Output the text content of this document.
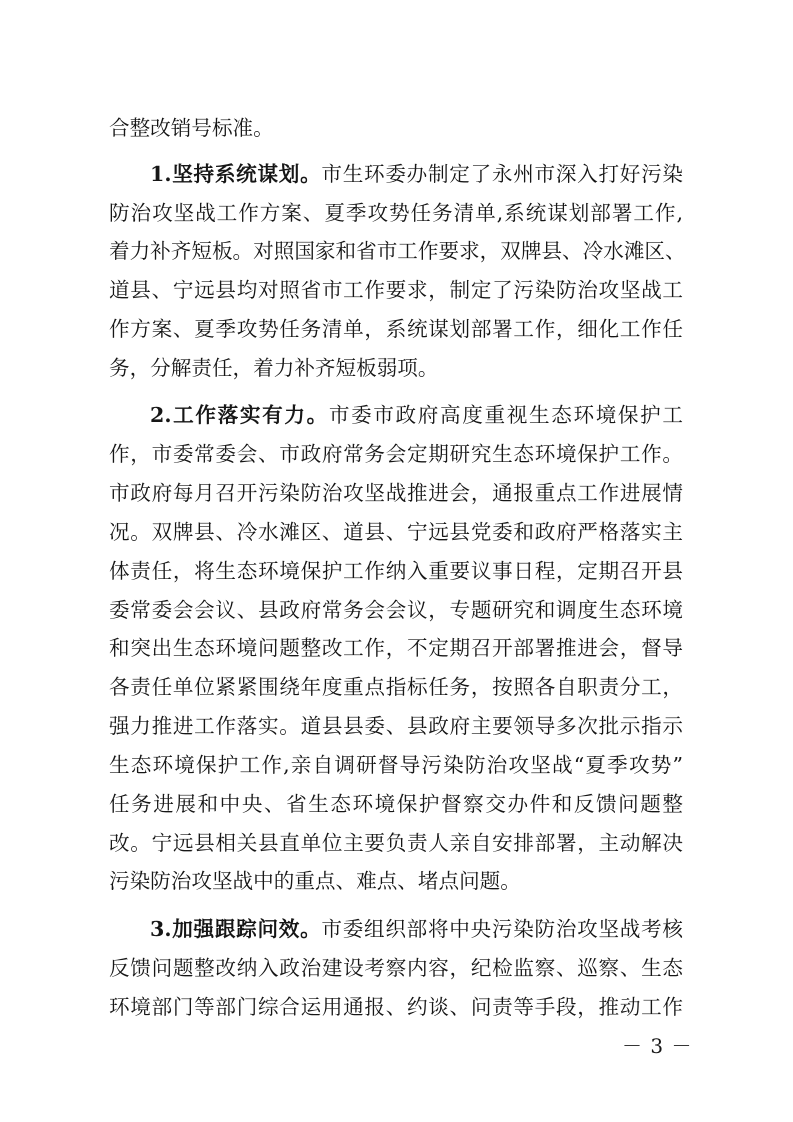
合整改销号标准。
1.坚持系统谋划。市生环委办制定了永州市深入打好污染
防治攻坚战工作方案、夏季攻势任务清单,系统谋划部署工作,
着力补齐短板。对照国家和省市工作要求，双牌县、冷水滩区、
道县、宁远县均对照省市工作要求，制定了污染防治攻坚战工
作方案、夏季攻势任务清单，系统谋划部署工作，细化工作任
务，分解责任，着力补齐短板弱项。
2.工作落实有力。市委市政府高度重视生态环境保护工
作，市委常委会、市政府常务会定期研究生态环境保护工作。
市政府每月召开污染防治攻坚战推进会，通报重点工作进展情
况。双牌县、冷水滩区、道县、宁远县党委和政府严格落实主
体责任，将生态环境保护工作纳入重要议事日程，定期召开县
委常委会会议、县政府常务会会议，专题研究和调度生态环境
和突出生态环境问题整改工作，不定期召开部署推进会，督导
各责任单位紧紧围绕年度重点指标任务，按照各自职责分工，
强力推进工作落实。道县县委、县政府主要领导多次批示指示
生态环境保护工作,亲自调研督导污染防治攻坚战“夏季攻势”
任务进展和中央、省生态环境保护督察交办件和反馈问题整
改。宁远县相关县直单位主要负责人亲自安排部署，主动解决
污染防治攻坚战中的重点、难点、堵点问题。
3.加强跟踪问效。市委组织部将中央污染防治攻坚战考核
反馈问题整改纳入政治建设考察内容，纪检监察、巡察、生态
环境部门等部门综合运用通报、约谈、问责等手段，推动工作
－ 3 －
